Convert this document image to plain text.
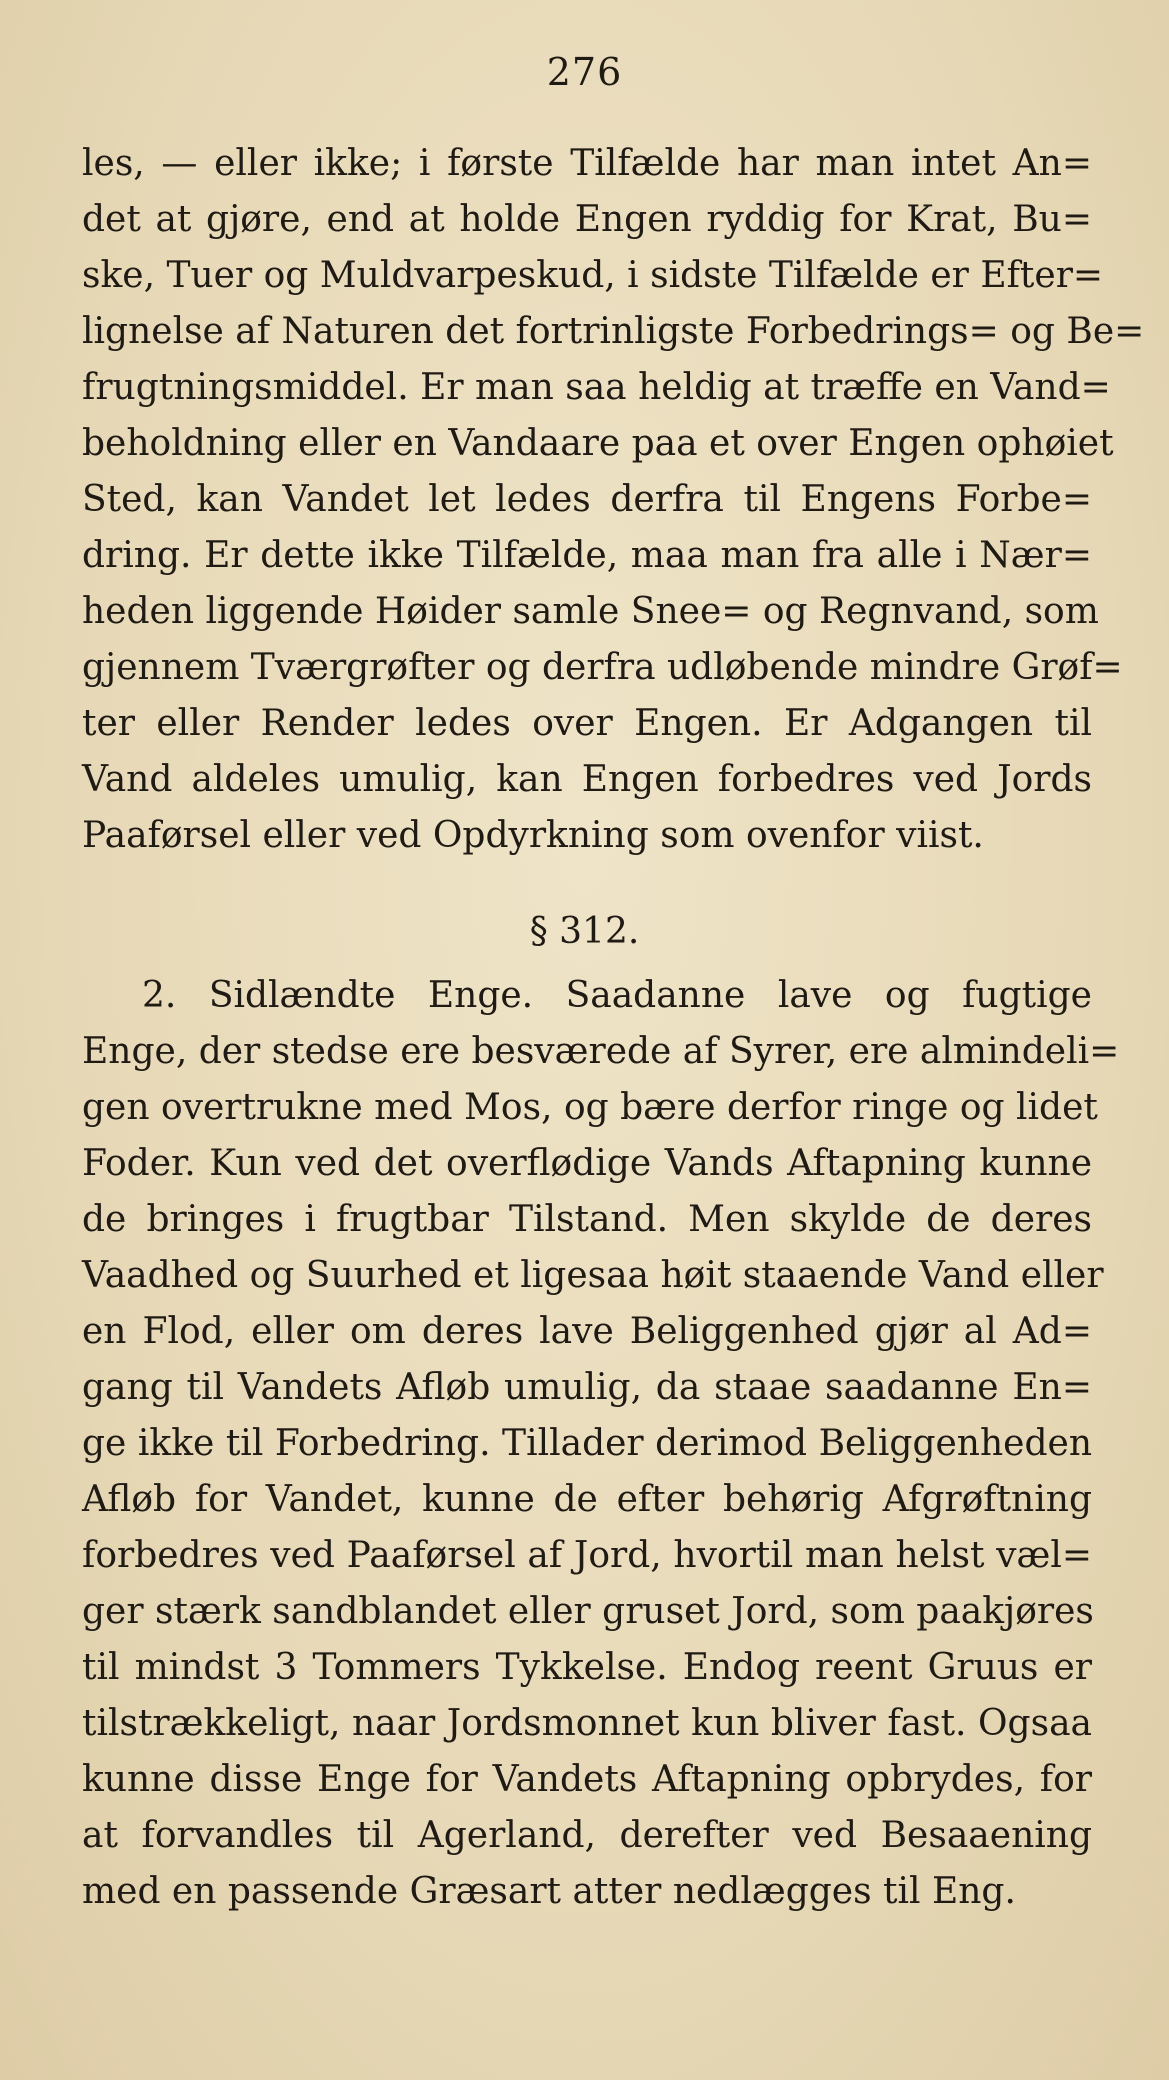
276
les, — eller ikke; i første Tilfælde har man intet An=
det at gjøre, end at holde Engen ryddig for Krat, Bu=
ske, Tuer og Muldvarpeskud, i sidste Tilfælde er Efter=
lignelse af Naturen det fortrinligste Forbedrings= og Be=
frugtningsmiddel. Er man saa heldig at træffe en Vand=
beholdning eller en Vandaare paa et over Engen ophøiet
Sted, kan Vandet let ledes derfra til Engens Forbe=
dring. Er dette ikke Tilfælde, maa man fra alle i Nær=
heden liggende Høider samle Snee= og Regnvand, som
gjennem Tværgrøfter og derfra udløbende mindre Grøf=
ter eller Render ledes over Engen. Er Adgangen til
Vand aldeles umulig, kan Engen forbedres ved Jords
Paaførsel eller ved Opdyrkning som ovenfor viist.
§ 312.
2. Sidlændte Enge. Saadanne lave og fugtige
Enge, der stedse ere besværede af Syrer, ere almindeli=
gen overtrukne med Mos, og bære derfor ringe og lidet
Foder. Kun ved det overflødige Vands Aftapning kunne
de bringes i frugtbar Tilstand. Men skylde de deres
Vaadhed og Suurhed et ligesaa høit staaende Vand eller
en Flod, eller om deres lave Beliggenhed gjør al Ad=
gang til Vandets Afløb umulig, da staae saadanne En=
ge ikke til Forbedring. Tillader derimod Beliggenheden
Afløb for Vandet, kunne de efter behørig Afgrøftning
forbedres ved Paaførsel af Jord, hvortil man helst væl=
ger stærk sandblandet eller gruset Jord, som paakjøres
til mindst 3 Tommers Tykkelse. Endog reent Gruus er
tilstrækkeligt, naar Jordsmonnet kun bliver fast. Ogsaa
kunne disse Enge for Vandets Aftapning opbrydes, for
at forvandles til Agerland, derefter ved Besaaening
med en passende Græsart atter nedlægges til Eng.
